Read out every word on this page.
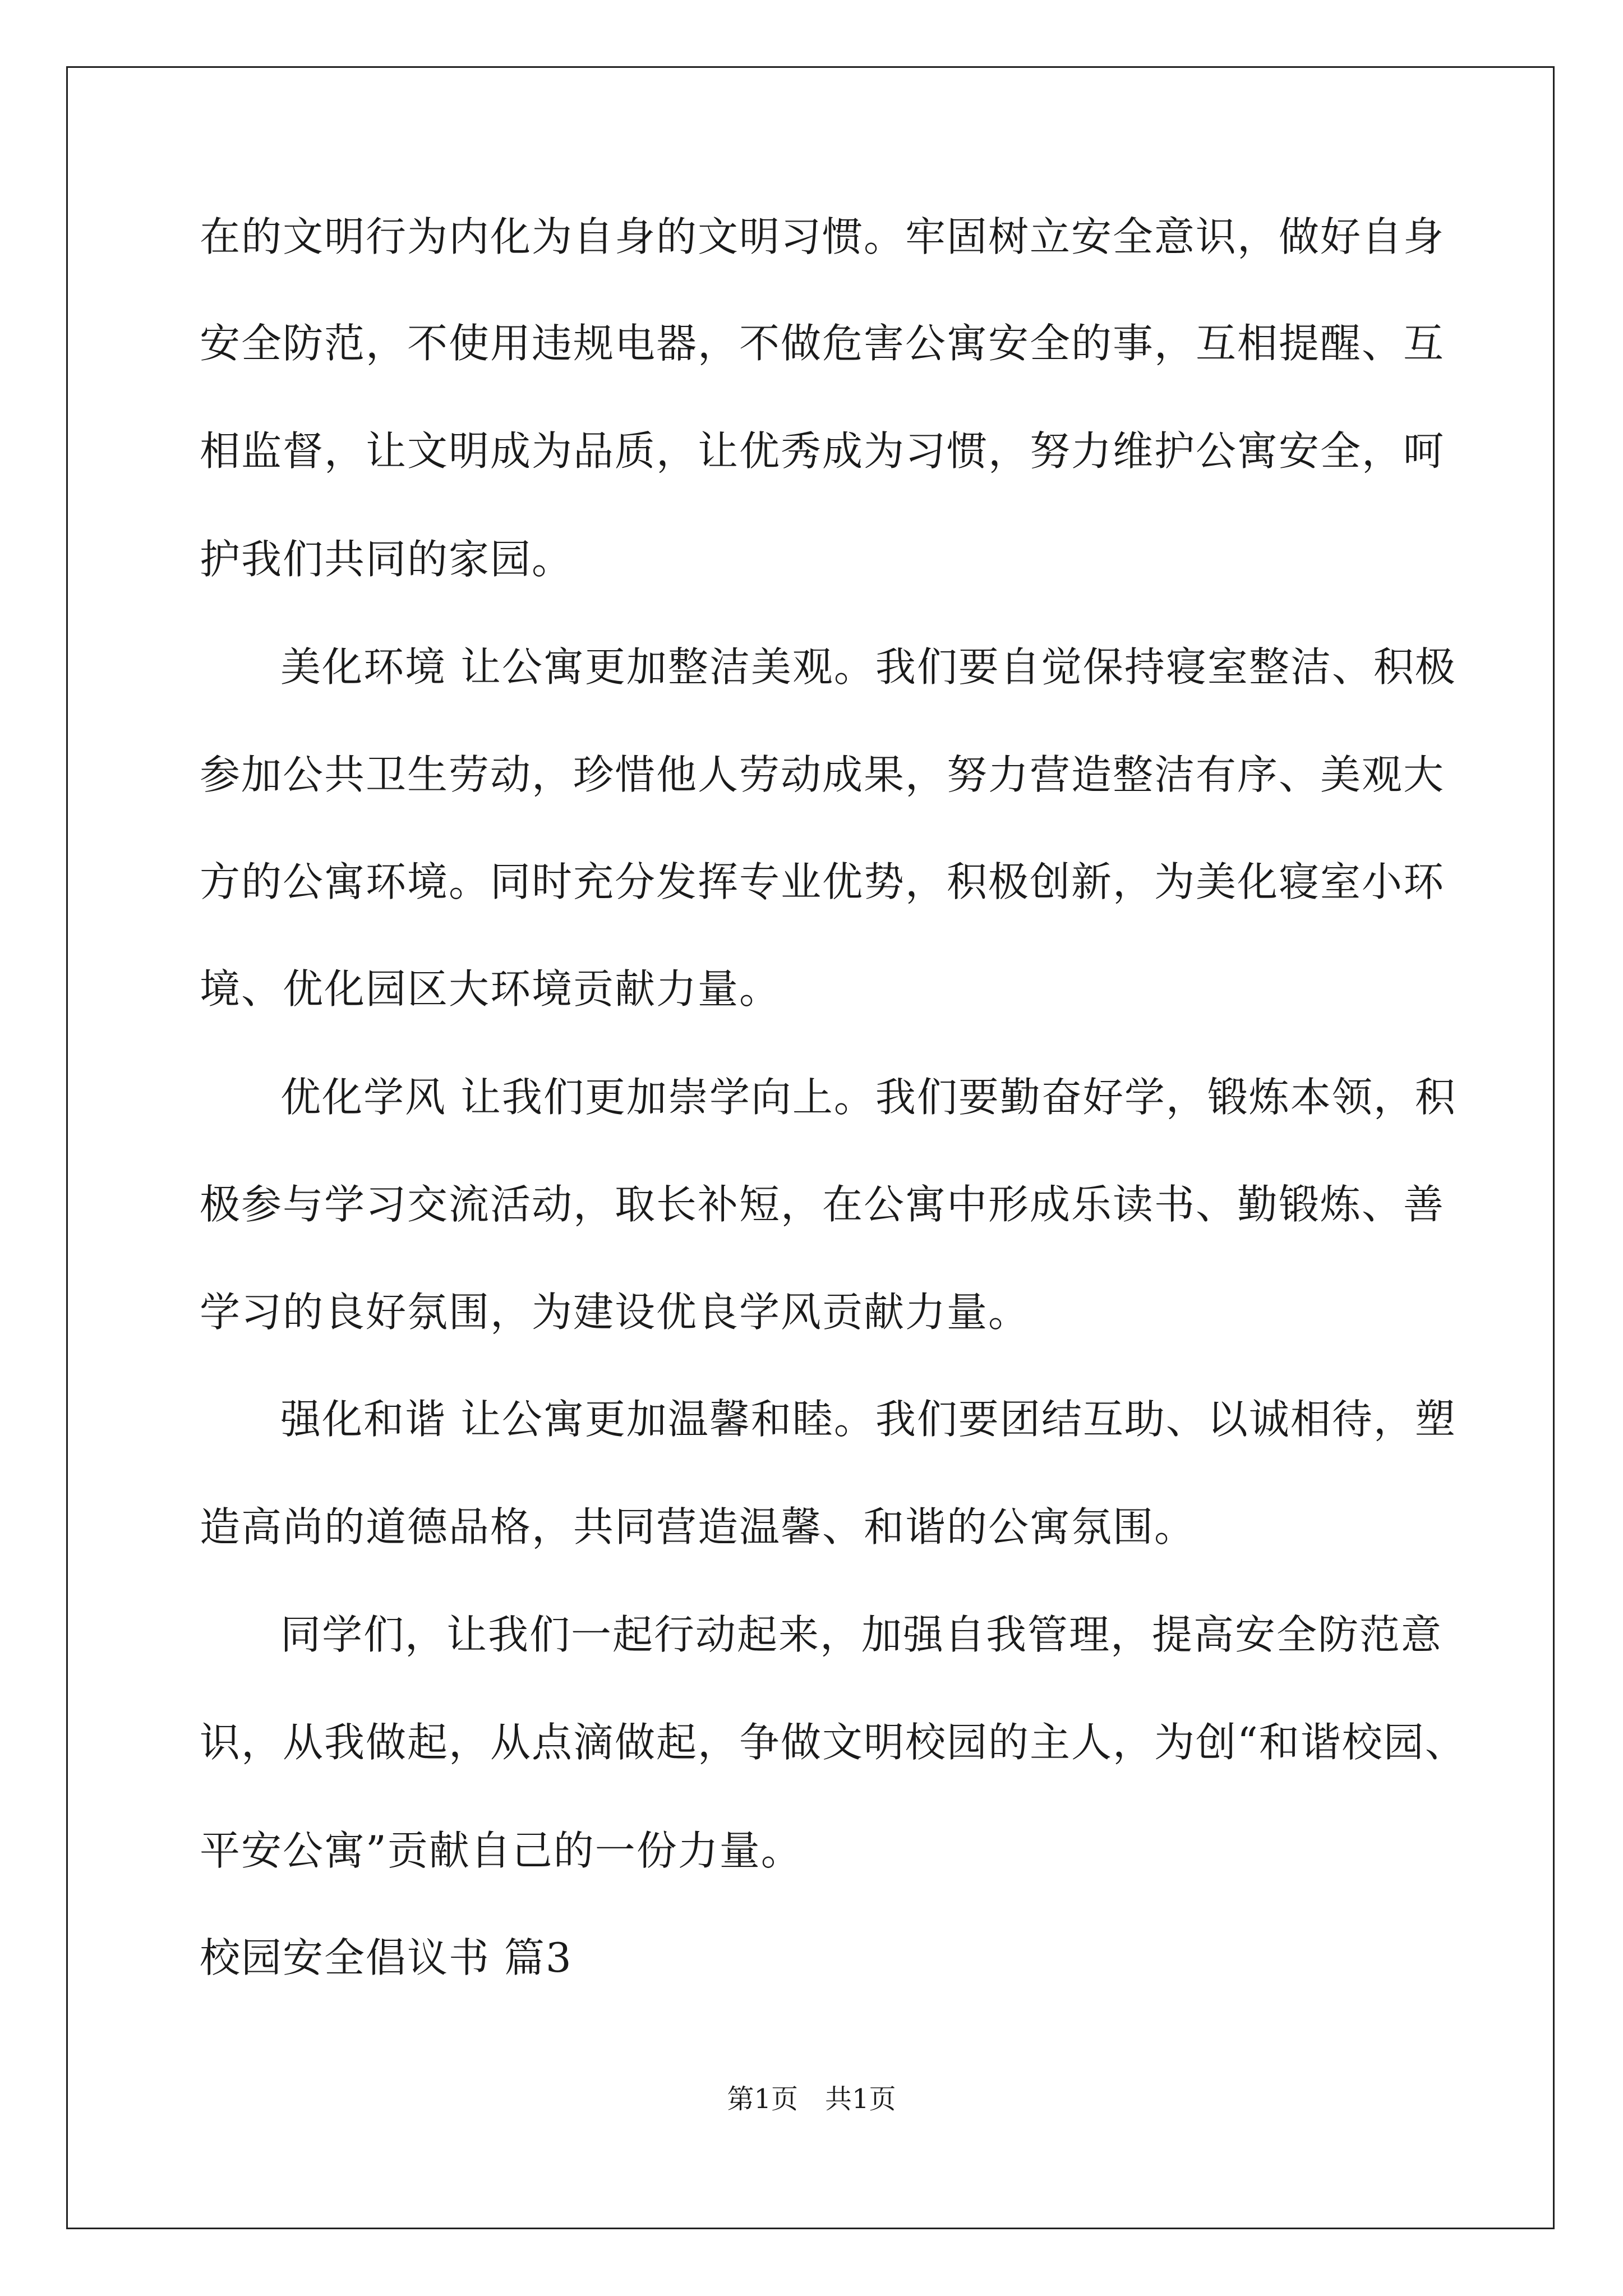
在的文明行为内化为自身的文明习惯。牢固树立安全意识，做好自身
安全防范，不使用违规电器，不做危害公寓安全的事，互相提醒、互
相监督，让文明成为品质，让优秀成为习惯，努力维护公寓安全，呵
护我们共同的家园。
美化环境 让公寓更加整洁美观。我们要自觉保持寝室整洁、积极
参加公共卫生劳动，珍惜他人劳动成果，努力营造整洁有序、美观大
方的公寓环境。同时充分发挥专业优势，积极创新，为美化寝室小环
境、优化园区大环境贡献力量。
优化学风 让我们更加崇学向上。我们要勤奋好学，锻炼本领，积
极参与学习交流活动，取长补短，在公寓中形成乐读书、勤锻炼、善
学习的良好氛围，为建设优良学风贡献力量。
强化和谐 让公寓更加温馨和睦。我们要团结互助、以诚相待，塑
造高尚的道德品格，共同营造温馨、和谐的公寓氛围。
同学们，让我们一起行动起来，加强自我管理，提高安全防范意
识，从我做起，从点滴做起，争做文明校园的主人，为创“和谐校园、
平安公寓”贡献自己的一份力量。
校园安全倡议书 篇3
第1页　共1页
